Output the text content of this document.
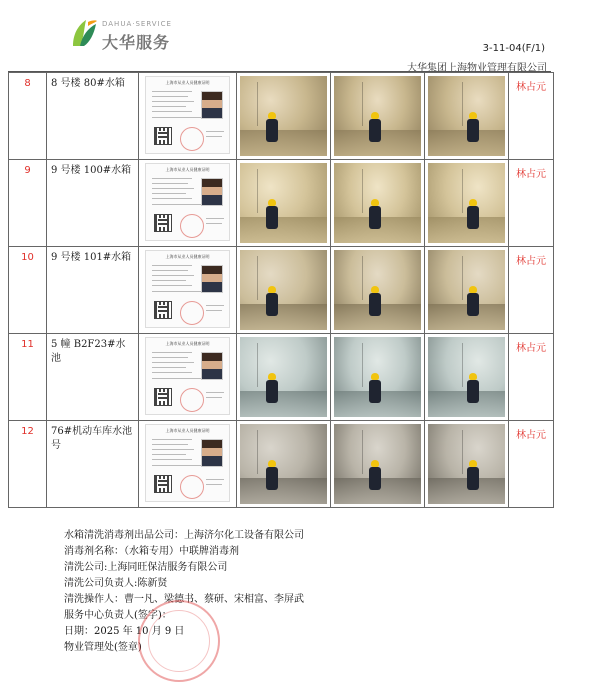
DAHUA·SERVICE
大华服务	3-11-04(F/1)
大华集团上海物业管理有限公司
8	8 号楼 80#水箱	上海市从业人员健康证明				林占元
9	9 号楼 100#水箱	上海市从业人员健康证明				林占元
10	9 号楼 101#水箱	上海市从业人员健康证明				林占元
11	5 幢 B2F23#水池	上海市从业人员健康证明				林占元
12	76#机动车库水池号	上海市从业人员健康证明				林占元
水箱清洗消毒剂出品公司：上海济尔化工设备有限公司
消毒剂名称：（水箱专用）中联牌消毒剂
清洗公司:上海同旺保洁服务有限公司
清洗公司负责人:陈新贤
清洗操作人：曹一凡、梁德书、蔡研、宋相富、李屏武
服务中心负责人(签字)：
日期：2025 年 10 月 9 日
物业管理处(签章)
